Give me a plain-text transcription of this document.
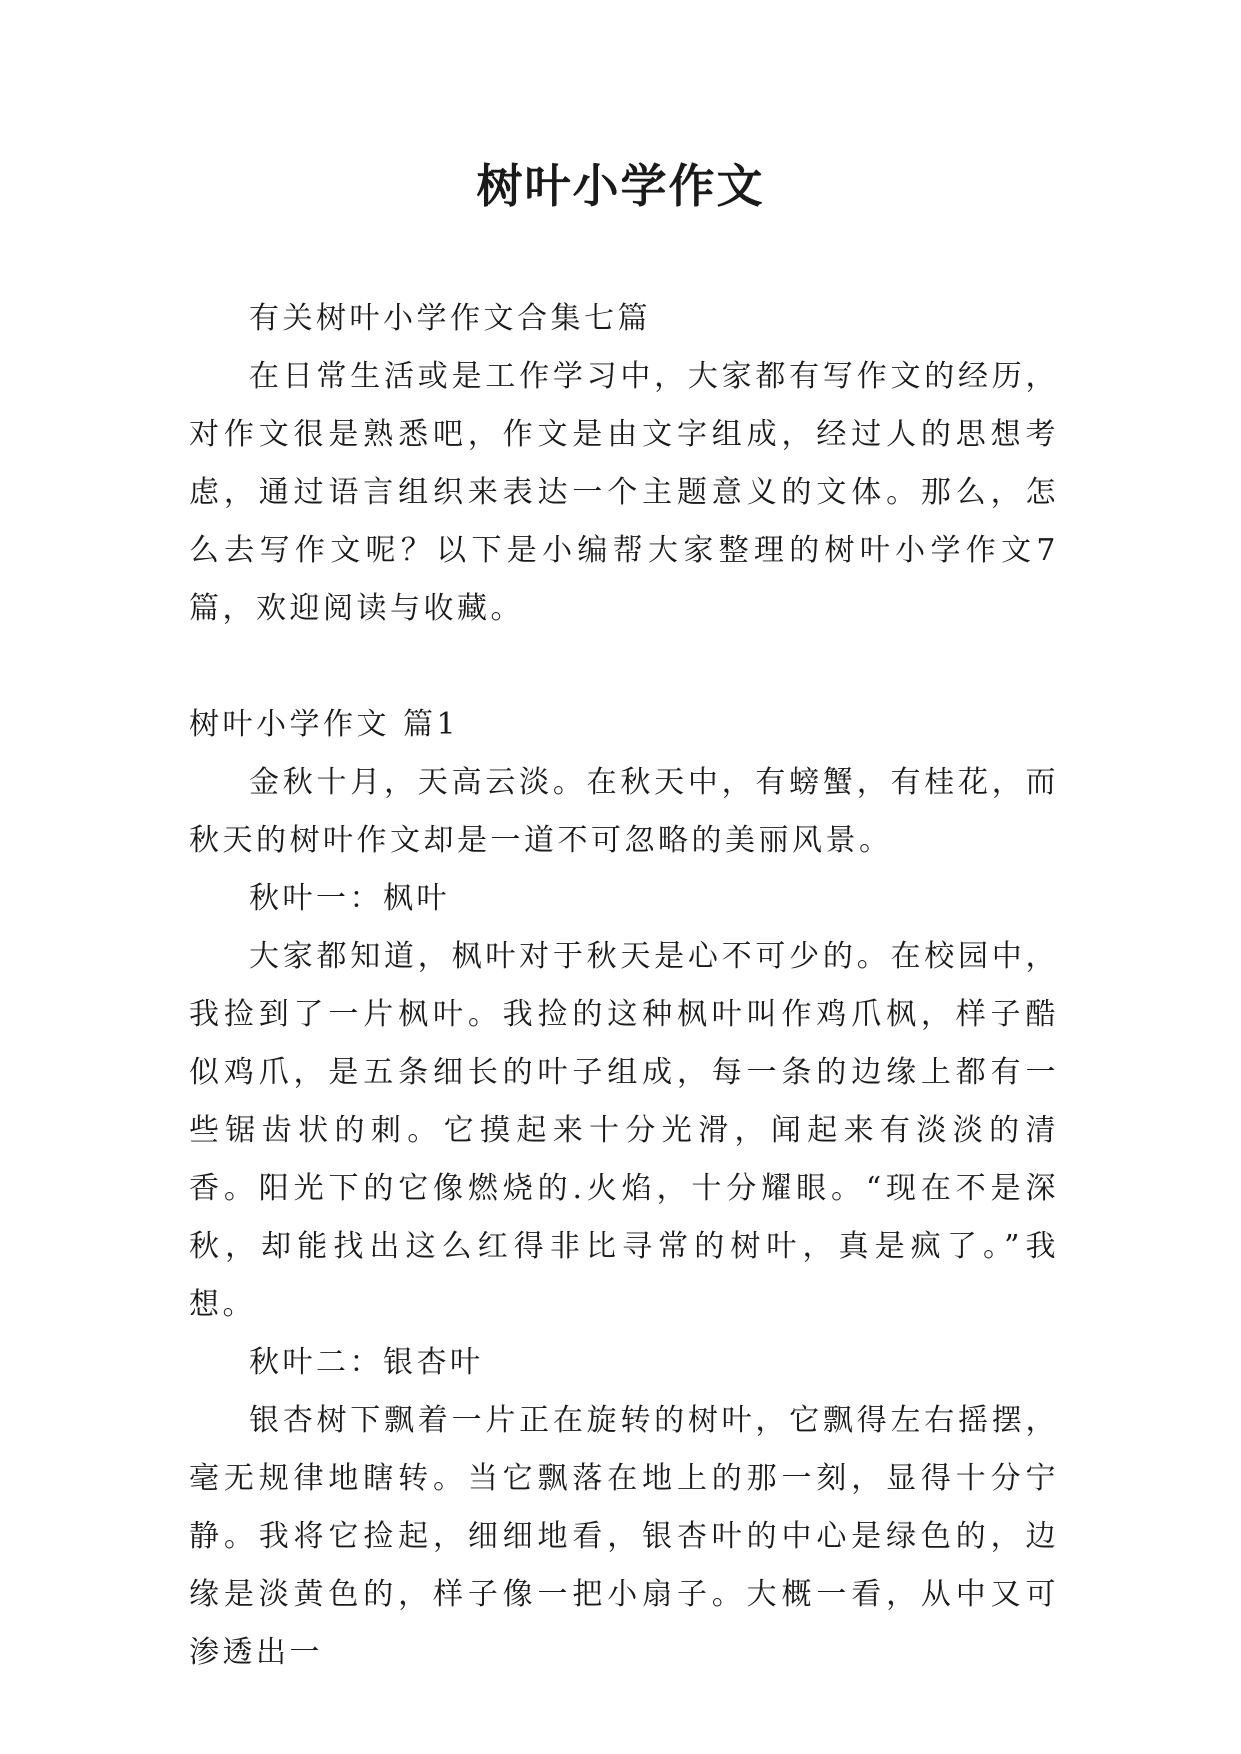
树叶小学作文

有关树叶小学作文合集七篇

在日常生活或是工作学习中，大家都有写作文的经历，对作文很是熟悉吧，作文是由文字组成，经过人的思想考虑，通过语言组织来表达一个主题意义的文体。那么，怎么去写作文呢？以下是小编帮大家整理的树叶小学作文7篇，欢迎阅读与收藏。

树叶小学作文 篇1

金秋十月，天高云淡。在秋天中，有螃蟹，有桂花，而秋天的树叶作文却是一道不可忽略的美丽风景。

秋叶一：枫叶

大家都知道，枫叶对于秋天是心不可少的。在校园中，我捡到了一片枫叶。我捡的这种枫叶叫作鸡爪枫，样子酷似鸡爪，是五条细长的叶子组成，每一条的边缘上都有一些锯齿状的刺。它摸起来十分光滑，闻起来有淡淡的清香。阳光下的它像燃烧的.火焰，十分耀眼。“现在不是深秋，却能找出这么红得非比寻常的树叶，真是疯了。”我想。

秋叶二：银杏叶

银杏树下飘着一片正在旋转的树叶，它飘得左右摇摆，毫无规律地瞎转。当它飘落在地上的那一刻，显得十分宁静。我将它捡起，细细地看，银杏叶的中心是绿色的，边缘是淡黄色的，样子像一把小扇子。大概一看，从中又可渗透出一
